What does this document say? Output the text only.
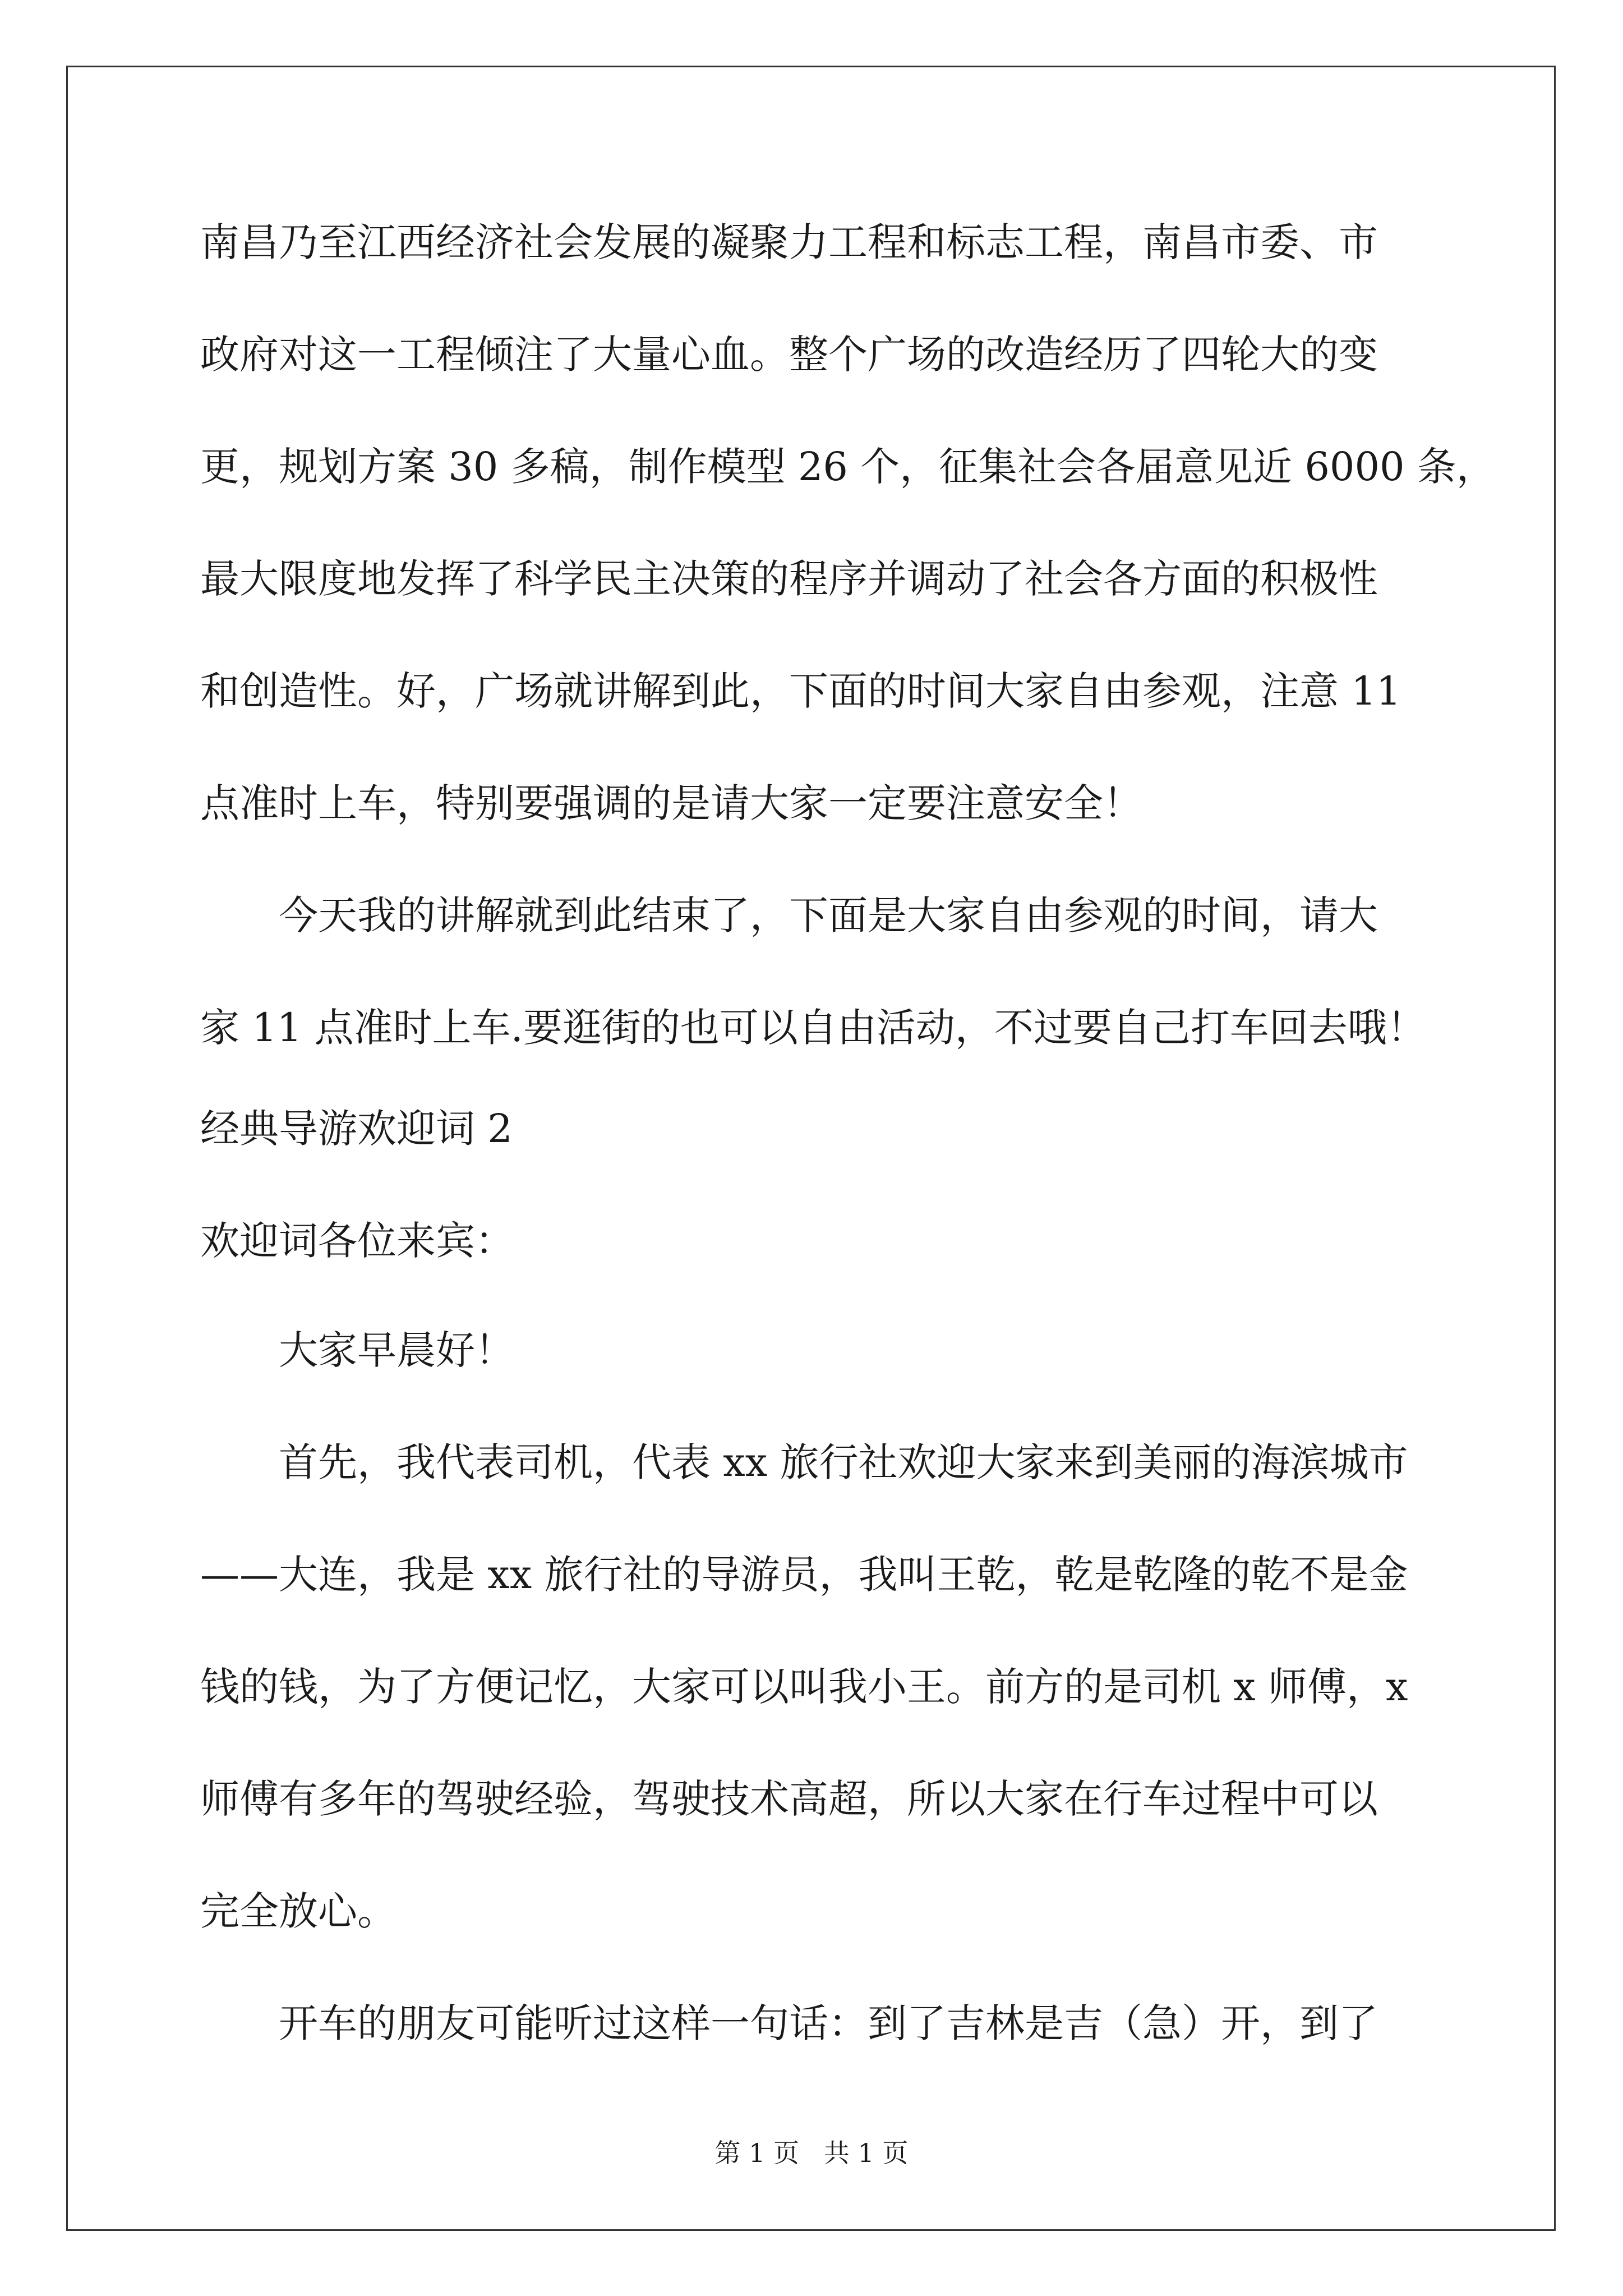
南昌乃至江西经济社会发展的凝聚力工程和标志工程，南昌市委、市
政府对这一工程倾注了大量心血。整个广场的改造经历了四轮大的变
更，规划方案 30 多稿，制作模型 26 个，征集社会各届意见近 6000 条，
最大限度地发挥了科学民主决策的程序并调动了社会各方面的积极性
和创造性。好，广场就讲解到此，下面的时间大家自由参观，注意 11
点准时上车，特别要强调的是请大家一定要注意安全！
今天我的讲解就到此结束了，下面是大家自由参观的时间，请大
家 11 点准时上车.要逛街的也可以自由活动，不过要自己打车回去哦！
经典导游欢迎词 2
欢迎词各位来宾：
大家早晨好！
首先，我代表司机，代表 xx 旅行社欢迎大家来到美丽的海滨城市
——大连，我是 xx 旅行社的导游员，我叫王乾，乾是乾隆的乾不是金
钱的钱，为了方便记忆，大家可以叫我小王。前方的是司机 x 师傅，x
师傅有多年的驾驶经验，驾驶技术高超，所以大家在行车过程中可以
完全放心。
开车的朋友可能听过这样一句话：到了吉林是吉（急）开，到了
第 1 页   共 1 页
